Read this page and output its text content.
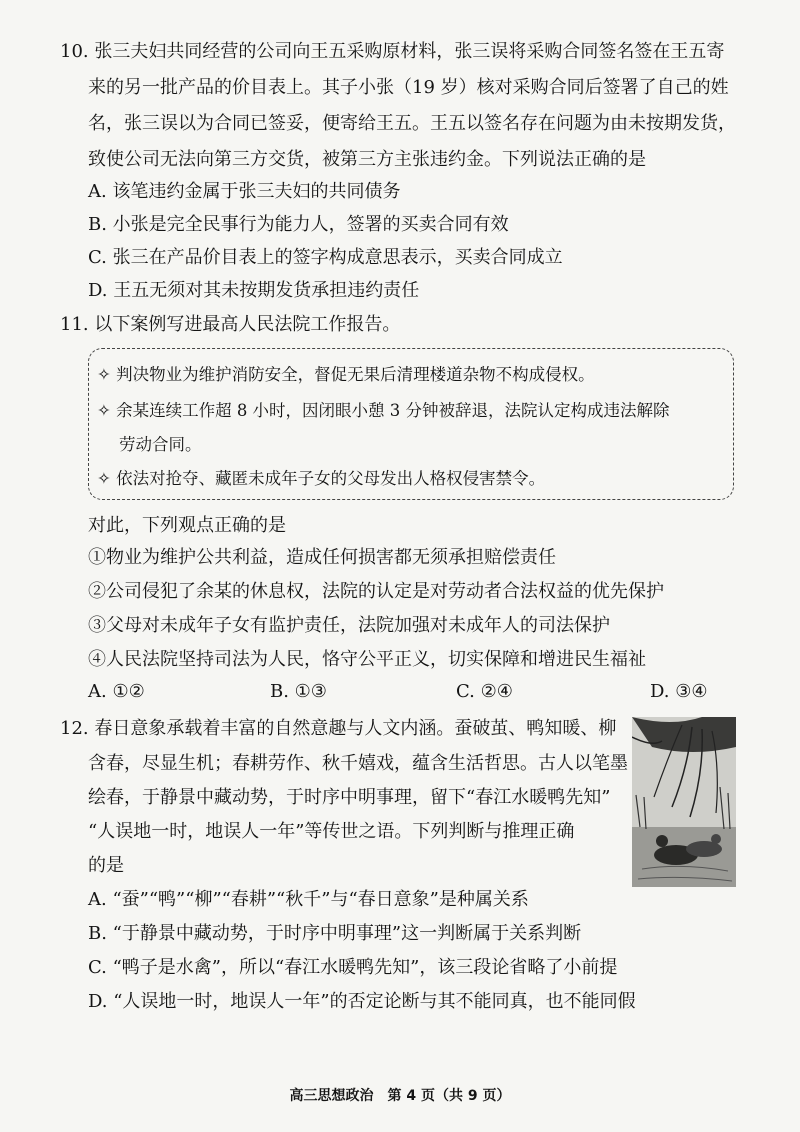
10. 张三夫妇共同经营的公司向王五采购原材料，张三误将采购合同签名签在王五寄
来的另一批产品的价目表上。其子小张（19 岁）核对采购合同后签署了自己的姓
名，张三误以为合同已签妥，便寄给王五。王五以签名存在问题为由未按期发货，
致使公司无法向第三方交货，被第三方主张违约金。下列说法正确的是
A. 该笔违约金属于张三夫妇的共同债务
B. 小张是完全民事行为能力人，签署的买卖合同有效
C. 张三在产品价目表上的签字构成意思表示，买卖合同成立
D. 王五无须对其未按期发货承担违约责任
11. 以下案例写进最高人民法院工作报告。
✧ 判决物业为维护消防安全，督促无果后清理楼道杂物不构成侵权。
✧ 余某连续工作超 8 小时，因闭眼小憩 3 分钟被辞退，法院认定构成违法解除
劳动合同。
✧ 依法对抢夺、藏匿未成年子女的父母发出人格权侵害禁令。
对此，下列观点正确的是
①物业为维护公共利益，造成任何损害都无须承担赔偿责任
②公司侵犯了余某的休息权，法院的认定是对劳动者合法权益的优先保护
③父母对未成年子女有监护责任，法院加强对未成年人的司法保护
④人民法院坚持司法为人民，恪守公平正义，切实保障和增进民生福祉
A. ①②	B. ①③	C. ②④	D. ③④
12. 春日意象承载着丰富的自然意趣与人文内涵。蚕破茧、鸭知暖、柳
含春，尽显生机；春耕劳作、秋千嬉戏，蕴含生活哲思。古人以笔墨
绘春，于静景中藏动势，于时序中明事理，留下“春江水暖鸭先知”
“人误地一时，地误人一年”等传世之语。下列判断与推理正确
的是
A. “蚕”“鸭”“柳”“春耕”“秋千”与“春日意象”是种属关系
B. “于静景中藏动势，于时序中明事理”这一判断属于关系判断
C. “鸭子是水禽”，所以“春江水暖鸭先知”，该三段论省略了小前提
D. “人误地一时，地误人一年”的否定论断与其不能同真，也不能同假
高三思想政治　第 4 页（共 9 页）
